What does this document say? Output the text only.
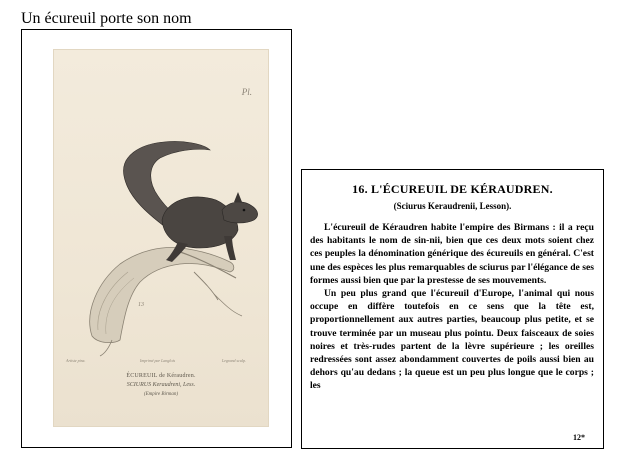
Un écureuil porte son nom
Pl.
13
Artiste pinx.	Imprimé par Langlois	Legrand sculp.
ÉCUREUIL de Kéraudren.
SCIURUS Keraudreni, Less.
(Empire Birman)
16. L'ÉCUREUIL DE KÉRAUDREN.
(Sciurus Keraudrenii, Lesson).

L'écureuil de Kéraudren habite l'empire des Birmans : il a reçu des habitants le nom de sin-nii, bien que ces deux mots soient chez ces peuples la dénomination générique des écureuils en général. C'est une des espèces les plus remarquables de sciurus par l'élégance de ses formes aussi bien que par la prestesse de ses mouvements.

Un peu plus grand que l'écureuil d'Europe, l'animal qui nous occupe en diffère toutefois en ce sens que la tête est, proportionnellement aux autres parties, beaucoup plus petite, et se trouve terminée par un museau plus pointu. Deux faisceaux de soies noires et très-rudes partent de la lèvre supérieure ; les oreilles redressées sont assez abondamment couvertes de poils aussi bien au dehors qu'au dedans ; la queue est un peu plus longue que le corps ; les

12*
